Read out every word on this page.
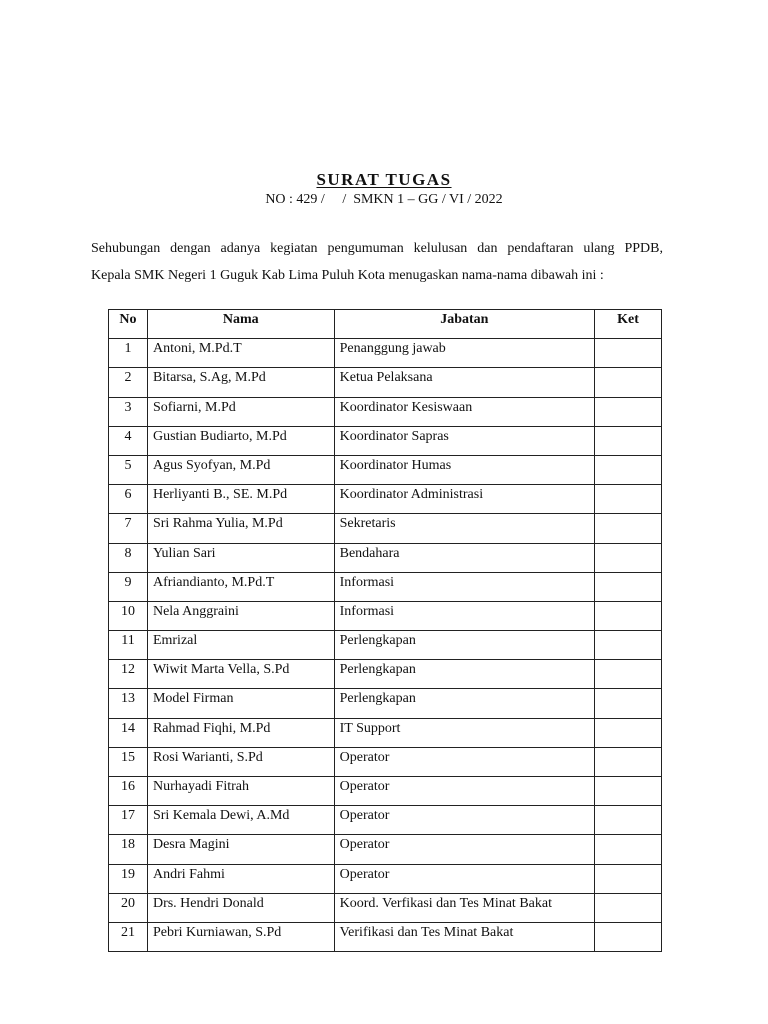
SURAT TUGAS
NO : 429 /     /  SMKN 1 – GG / VI / 2022
Sehubungan dengan adanya kegiatan pengumuman kelulusan dan pendaftaran ulang PPDB,
Kepala SMK Negeri 1 Guguk Kab Lima Puluh Kota menugaskan nama-nama dibawah ini :
No	Nama	Jabatan	Ket
1	Antoni, M.Pd.T	Penanggung jawab	
2	Bitarsa, S.Ag, M.Pd	Ketua Pelaksana	
3	Sofiarni, M.Pd	Koordinator Kesiswaan	
4	Gustian Budiarto, M.Pd	Koordinator Sapras	
5	Agus Syofyan, M.Pd	Koordinator Humas	
6	Herliyanti B., SE. M.Pd	Koordinator Administrasi	
7	Sri Rahma Yulia, M.Pd	Sekretaris	
8	Yulian Sari	Bendahara	
9	Afriandianto, M.Pd.T	Informasi	
10	Nela Anggraini	Informasi	
11	Emrizal	Perlengkapan	
12	Wiwit Marta Vella, S.Pd	Perlengkapan	
13	Model Firman	Perlengkapan	
14	Rahmad Fiqhi, M.Pd	IT Support	
15	Rosi Warianti, S.Pd	Operator	
16	Nurhayadi Fitrah	Operator	
17	Sri Kemala Dewi, A.Md	Operator	
18	Desra Magini	Operator	
19	Andri Fahmi	Operator	
20	Drs. Hendri Donald	Koord. Verfikasi dan Tes Minat Bakat	
21	Pebri Kurniawan, S.Pd	Verifikasi dan Tes Minat Bakat	
